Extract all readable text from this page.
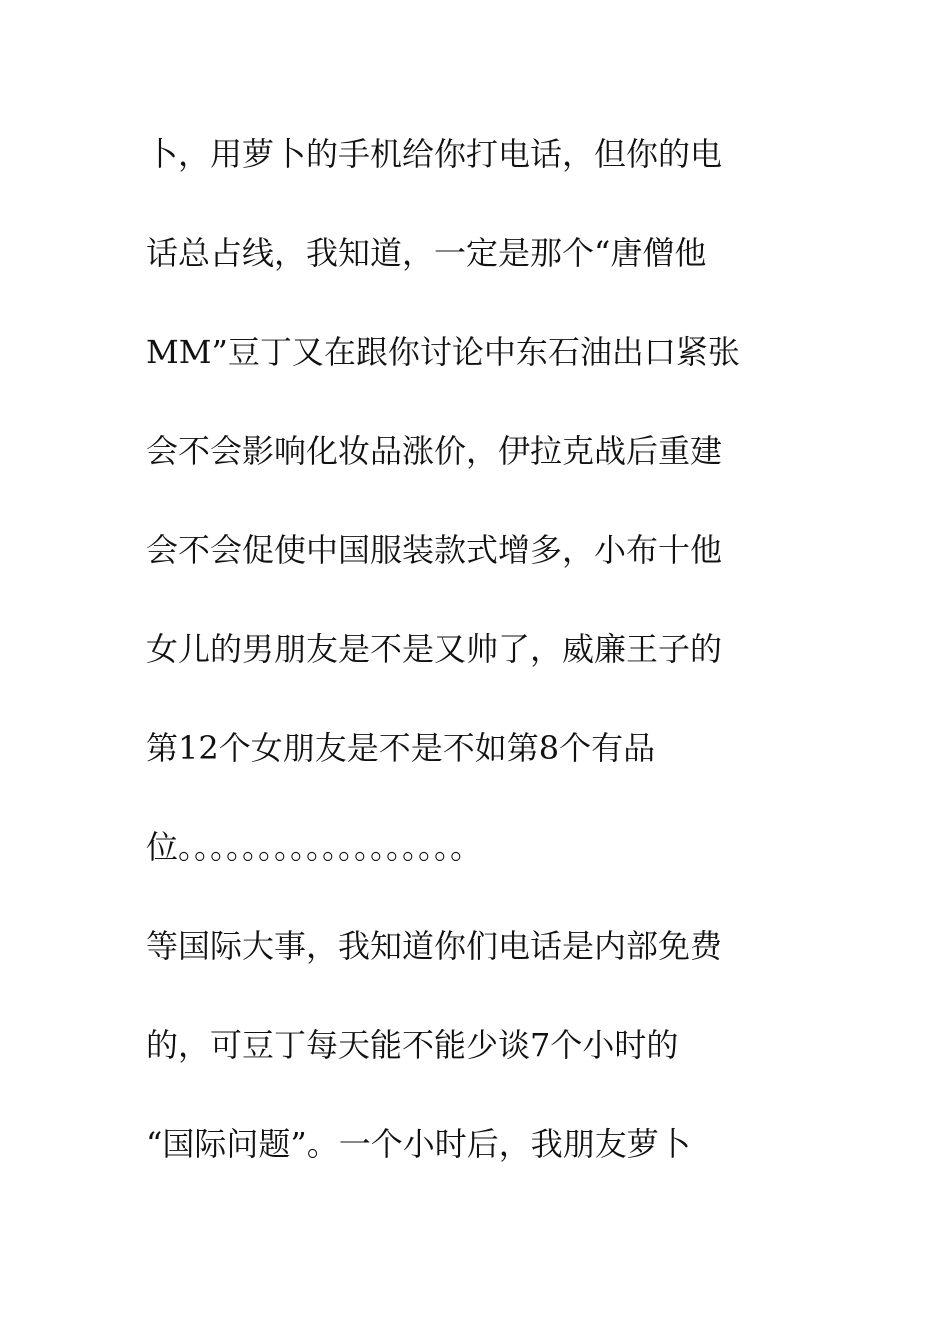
卜，用萝卜的手机给你打电话，但你的电
话总占线，我知道，一定是那个“唐僧他
MM”豆丁又在跟你讨论中东石油出口紧张
会不会影响化妆品涨价，伊拉克战后重建
会不会促使中国服装款式增多，小布十他
女儿的男朋友是不是又帅了，威廉王子的
第12个女朋友是不是不如第8个有品
位。。。。。。。。。。。。。。。。。。
等国际大事，我知道你们电话是内部免费
的，可豆丁每天能不能少谈7个小时的
“国际问题”。一个小时后，我朋友萝卜
